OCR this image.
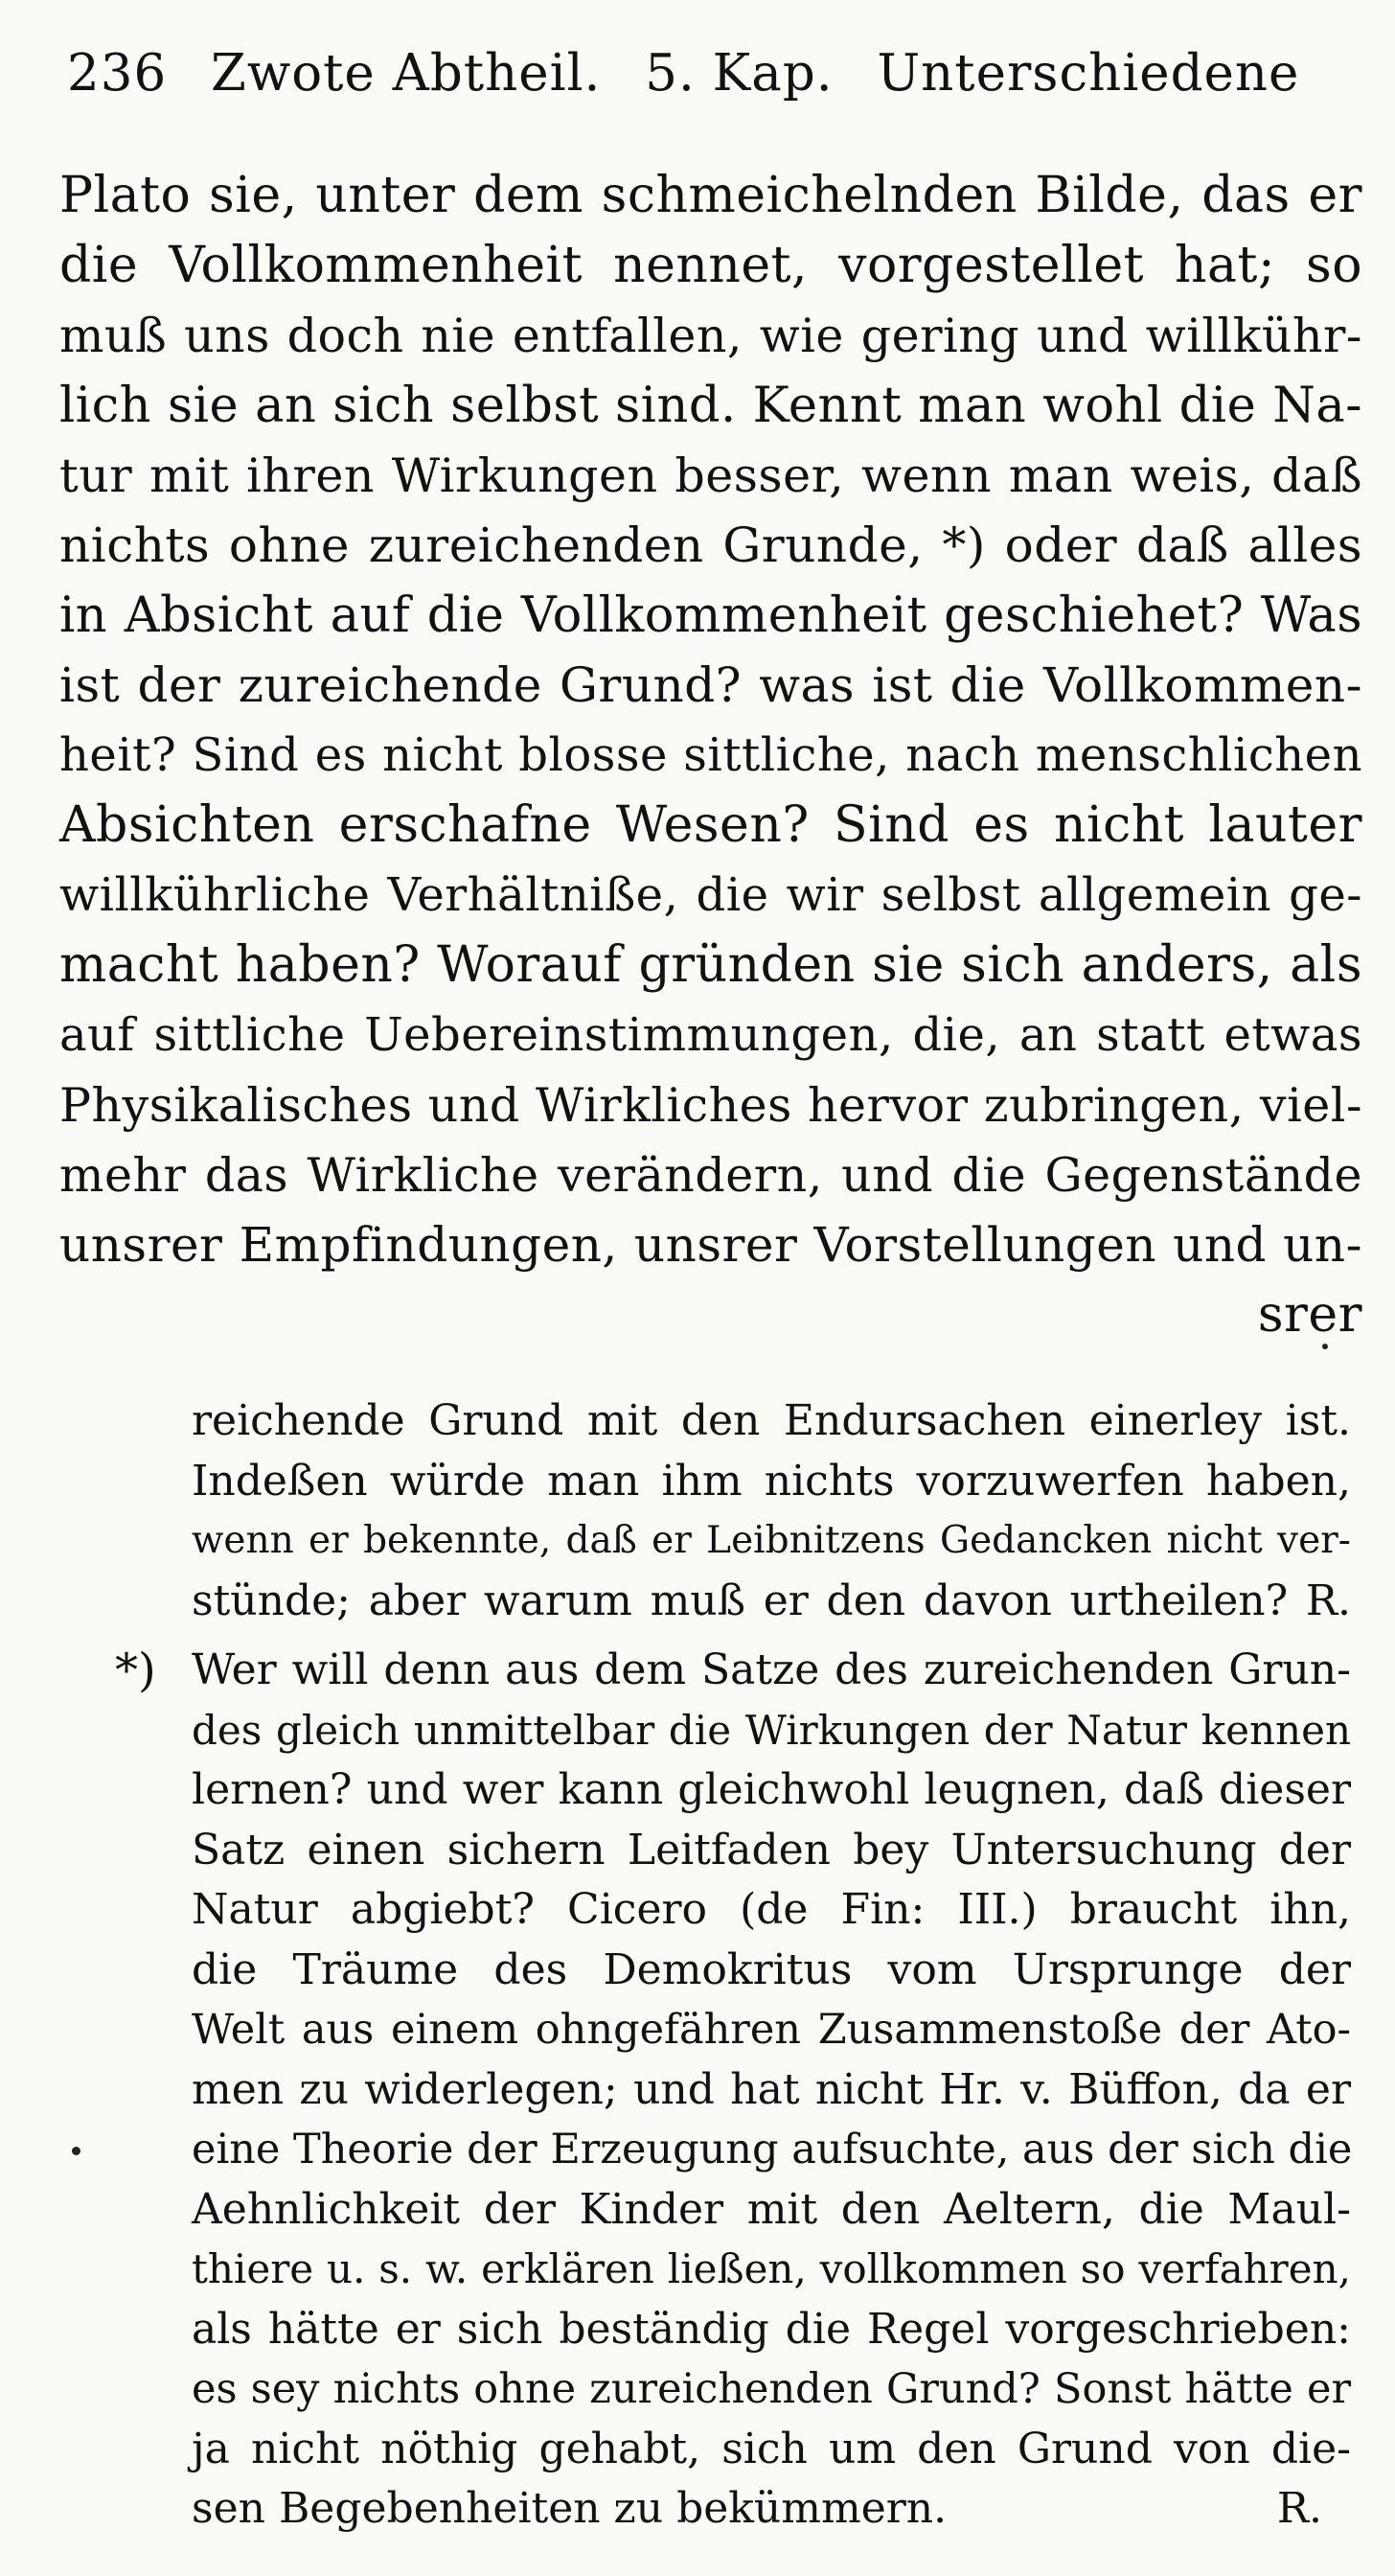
236 Zwote Abtheil. 5. Kap. Unterschiedene
Plato sie, unter dem schmeichelnden Bilde, das er
die Vollkommenheit nennet, vorgestellet hat; so
muß uns doch nie entfallen, wie gering und willkühr-
lich sie an sich selbst sind. Kennt man wohl die Na-
tur mit ihren Wirkungen besser, wenn man weis, daß
nichts ohne zureichenden Grunde, *) oder daß alles
in Absicht auf die Vollkommenheit geschiehet? Was
ist der zureichende Grund? was ist die Vollkommen-
heit? Sind es nicht blosse sittliche, nach menschlichen
Absichten erschafne Wesen? Sind es nicht lauter
willkührliche Verhältniße, die wir selbst allgemein ge-
macht haben? Worauf gründen sie sich anders, als
auf sittliche Uebereinstimmungen, die, an statt etwas
Physikalisches und Wirkliches hervor zubringen, viel-
mehr das Wirkliche verändern, und die Gegenstände
unsrer Empfindungen, unsrer Vorstellungen und un-
srer
reichende Grund mit den Endursachen einerley ist.
Indeßen würde man ihm nichts vorzuwerfen haben,
wenn er bekennte, daß er Leibnitzens Gedancken nicht ver-
stünde; aber warum muß er den davon urtheilen? R.
*) Wer will denn aus dem Satze des zureichenden Grun-
des gleich unmittelbar die Wirkungen der Natur kennen
lernen? und wer kann gleichwohl leugnen, daß dieser
Satz einen sichern Leitfaden bey Untersuchung der
Natur abgiebt? Cicero (de Fin: III.) braucht ihn,
die Träume des Demokritus vom Ursprunge der
Welt aus einem ohngefähren Zusammenstoße der Ato-
men zu widerlegen; und hat nicht Hr. v. Büffon, da er
eine Theorie der Erzeugung aufsuchte, aus der sich die
Aehnlichkeit der Kinder mit den Aeltern, die Maul-
thiere u. s. w. erklären ließen, vollkommen so verfahren,
als hätte er sich beständig die Regel vorgeschrieben:
es sey nichts ohne zureichenden Grund? Sonst hätte er
ja nicht nöthig gehabt, sich um den Grund von die-
sen Begebenheiten zu bekümmern.	R.
